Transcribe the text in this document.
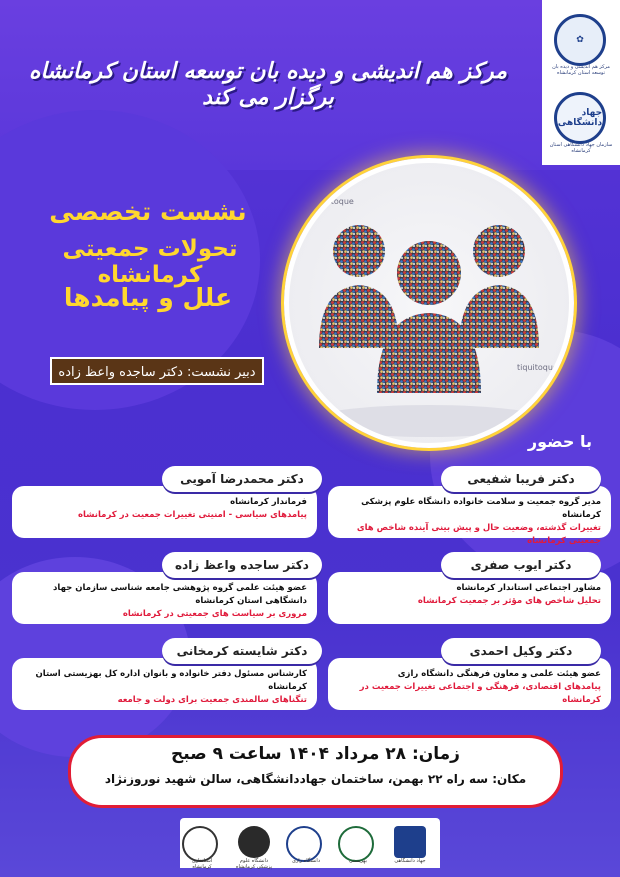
✿
مرکز هم اندیشی و دیده بان توسعه استان کرمانشاه
جهاد دانشگاهی
سازمان جهاد دانشگاهی استان کرمانشاه
مرکز هم اندیشی و دیده بان توسعه استان کرمانشاه برگزار می کند
tiquitoque
tiquitoque
نشست تخصصی
تحولات جمعیتی کرمانشاه
علل و پیامدها
دبیر نشست: دکتر ساجده واعظ زاده
با حضور
مدیر گروه جمعیت و سلامت خانواده دانشگاه علوم پزشکی کرمانشاه
تغییرات گذشته، وضعیت حال و پیش بینی آینده شاخص های جمعیتی کرمانشاه
دکتر فریبا شفیعی
فرماندار کرمانشاه
پیامدهای سیاسی - امنیتی تغییرات جمعیت در کرمانشاه
دکتر محمدرضا آمویی
مشاور اجتماعی استاندار کرمانشاه
تحلیل شاخص های مؤثر بر جمعیت کرمانشاه
دکتر ایوب صفری
عضو هیئت علمی گروه پژوهشی جامعه شناسی سازمان جهاد دانشگاهی استان کرمانشاه
مروری بر سیاست های جمعیتی در کرمانشاه
دکتر ساجده واعظ زاده
عضو هیئت علمی و معاون فرهنگی دانشگاه رازی
پیامدهای اقتصادی، فرهنگی و اجتماعی تغییرات جمعیت در کرمانشاه
دکتر وکیل احمدی
کارشناس مسئول دفتر خانواده و بانوان اداره کل بهزیستی استان کرمانشاه
تنگناهای سالمندی جمعیت برای دولت و جامعه
دکتر شایسته کرمخانی
زمان: ۲۸ مرداد ۱۴۰۴ ساعت ۹ صبح
مکان: سه راه ۲۲ بهمن، ساختمان جهاددانشگاهی، سالن شهید نوروزنژاد
استانداری کرمانشاه
دانشگاه علوم پزشکی کرمانشاه
دانشگاه رازی	بهزیستی	جهاد دانشگاهی
